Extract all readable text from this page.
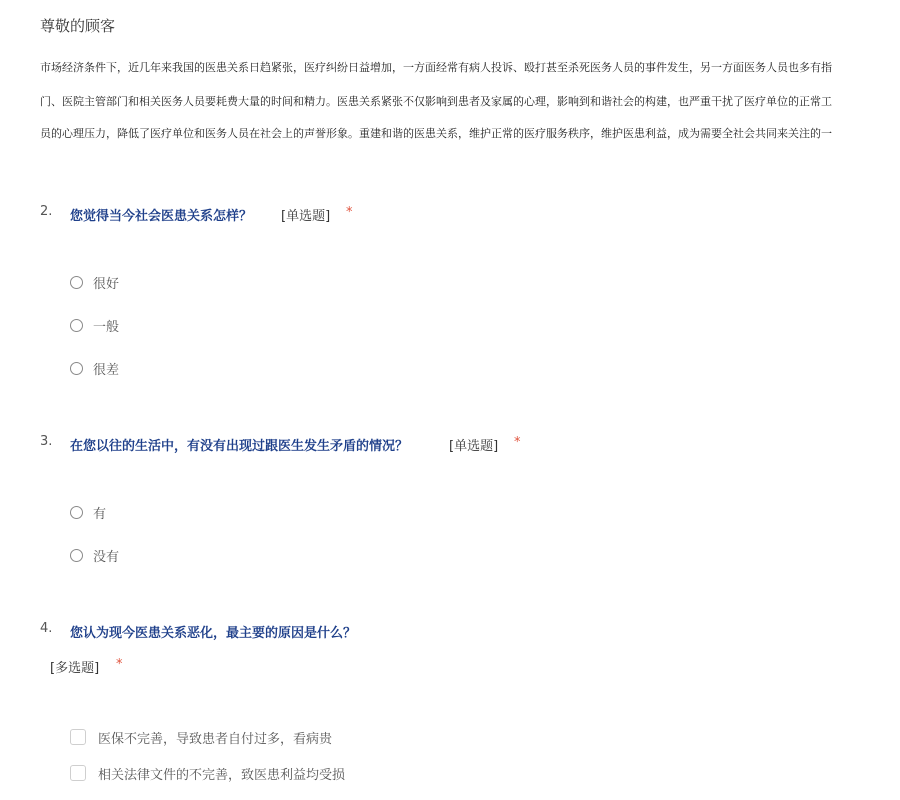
尊敬的顾客
市场经济条件下，近几年来我国的医患关系日趋紧张，医疗纠纷日益增加，一方面经常有病人投诉、殴打甚至杀死医务人员的事件发生，另一方面医务人员也多有指
门、医院主管部门和相关医务人员要耗费大量的时间和精力。医患关系紧张不仅影响到患者及家属的心理，影响到和谐社会的构建，也严重干扰了医疗单位的正常工
员的心理压力，降低了医疗单位和医务人员在社会上的声誉形象。重建和谐的医患关系，维护正常的医疗服务秩序，维护医患利益，成为需要全社会共同来关注的一
2. 您觉得当今社会医患关系怎样？ [单选题] *
很好
一般
很差
3. 在您以往的生活中，有没有出现过跟医生发生矛盾的情况？	[单选题] *
有
没有
4. 您认为现今医患关系恶化，最主要的原因是什么？
[多选题] *
医保不完善，导致患者自付过多，看病贵
相关法律文件的不完善，致医患利益均受损
